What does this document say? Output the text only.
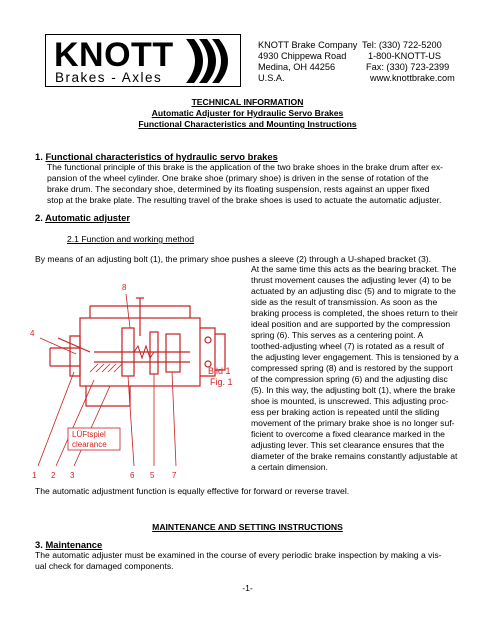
KNOTT
Brakes - Axles
KNOTT Brake Company
4930 Chippewa Road
Medina, OH 44256
U.S.A.
Tel: (330) 722-5200
1-800-KNOTT-US
Fax: (330) 723-2399
www.knottbrake.com
TECHNICAL INFORMATION
Automatic Adjuster for Hydraulic Servo Brakes
Functional Characteristics and Mounting Instructions
1. Functional characteristics of hydraulic servo brakes
The functional principle of this brake is the application of the two brake shoes in the brake drum after ex-
pansion of the wheel cylinder. One brake shoe (primary shoe) is driven in the sense of rotation of the
brake drum. The secondary shoe, determined by its floating suspension, rests against an upper fixed
stop at the brake plate. The resulting travel of the brake shoes is used to actuate the automatic adjuster.
2. Automatic adjuster
2.1 Function and working method
By means of an adjusting bolt (1), the primary shoe pushes a sleeve (2) through a U-shaped bracket (3).
At the same time this acts as the bearing bracket. The
thrust movement causes the adjusting lever (4) to be
actuated by an adjusting disc (5) and to migrate to the
side as the result of transmission. As soon as the
braking process is completed, the shoes return to their
ideal position and are supported by the compression
spring (6). This serves as a centering point. A
toothed-adjusting wheel (7) is rotated as a result of
the adjusting lever engagement. This is tensioned by a
compressed spring (8) and is restored by the support
of the compression spring (6) and the adjusting disc
(5). In this way, the adjusting bolt (1), where the brake
shoe is mounted, is unscrewed. This adjusting proc-
ess per braking action is repeated until the sliding
movement of the primary brake shoe is no longer suf-
ficient to overcome a fixed clearance marked in the
adjusting lever. This set clearance ensures that the
diameter of the brake remains constantly adjustable at
a certain dimension.
8
4
1 2 3	6 5 7
LÜFtspiel
clearance
Bild 1
Fig. 1
The automatic adjustment function is equally effective for forward or reverse travel.
MAINTENANCE AND SETTING INSTRUCTIONS
3. Maintenance
The automatic adjuster must be examined in the course of every periodic brake inspection by making a vis-
ual check for damaged components.
-1-
